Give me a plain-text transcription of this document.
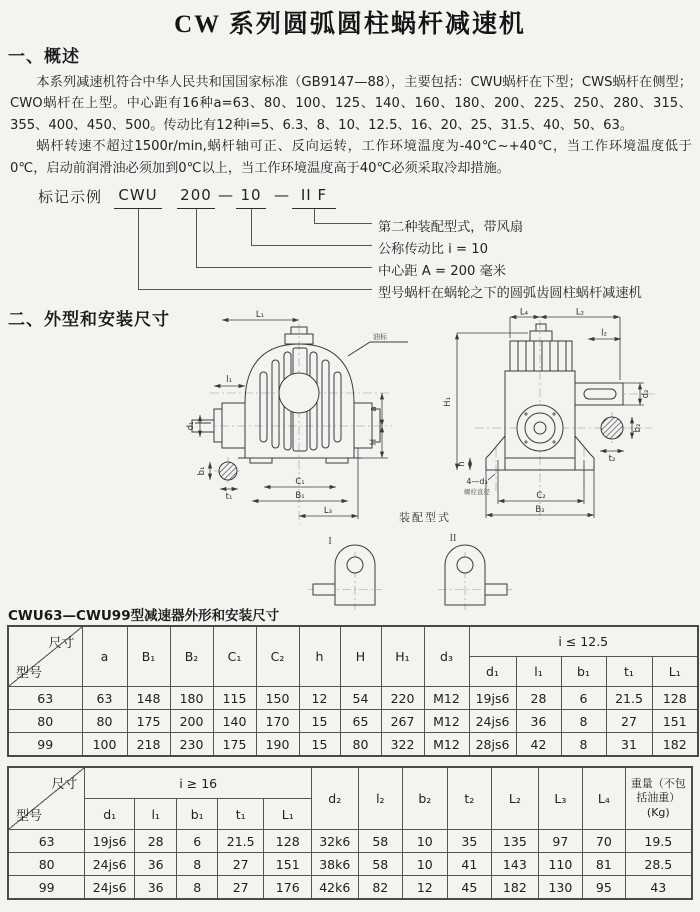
CW 系列圆弧圆柱蜗杆减速机
一、概述

本系列减速机符合中华人民共和国国家标准（GB9147—88），主要包括：CWU蜗杆在下型；CWS蜗杆在侧型；CWO蜗杆在上型。中心距有16种a=63、80、100、125、140、160、180、200、225、250、280、315、355、400、450、500。传动比有12种i=5、6.3、8、10、12.5、16、20、25、31.5、40、50、63。

蜗杆转速不超过1500r/min,蜗杆轴可正、反向运转，工作环境温度为-40℃~+40℃，当工作环境温度低于0℃，启动前润滑油必须加到0℃以上，当工作环境温度高于40℃必须采取冷却措施。

标记示例 CWU 200 — 10 — II F
第二种装配型式，带风扇
公称传动比 i = 10
中心距 A = 200 毫米
型号蜗杆在蜗轮之下的圆弧齿圆柱蜗杆减速机
二、外型和安装尺寸	L₁
l₁
d₁
油标
a
H
b₁
t₁
C₁
B₁
L₃
L₄	L₂
l₂
H₁
h
d₂
b₂
t₂
4—d₃
螺栓直径	C₂
B₂
装配型式
I	II
CWU63—CWU99型减速器外形和安装尺寸
尺寸
型号	a	B₁	B₂	C₁	C₂	h	H	H₁	d₃	i ≤ 12.5				
										d₁	l₁	b₁	t₁	L₁
63	63	148	180	115	150	12	54	220	M12	19js6	28	6	21.5	128
80	80	175	200	140	170	15	65	267	M12	24js6	36	8	27	151
99	100	218	230	175	190	15	80	322	M12	28js6	42	8	31	182
尺寸
型号	i ≥ 16					d₂	l₂	b₂	t₂	L₂	L₃	L₄	重量（不包括油重）(Kg)
	d₁	l₁	b₁	t₁	L₁								
63	19js6	28	6	21.5	128	32k6	58	10	35	135	97	70	19.5
80	24js6	36	8	27	151	38k6	58	10	41	143	110	81	28.5
99	24js6	36	8	27	176	42k6	82	12	45	182	130	95	43
